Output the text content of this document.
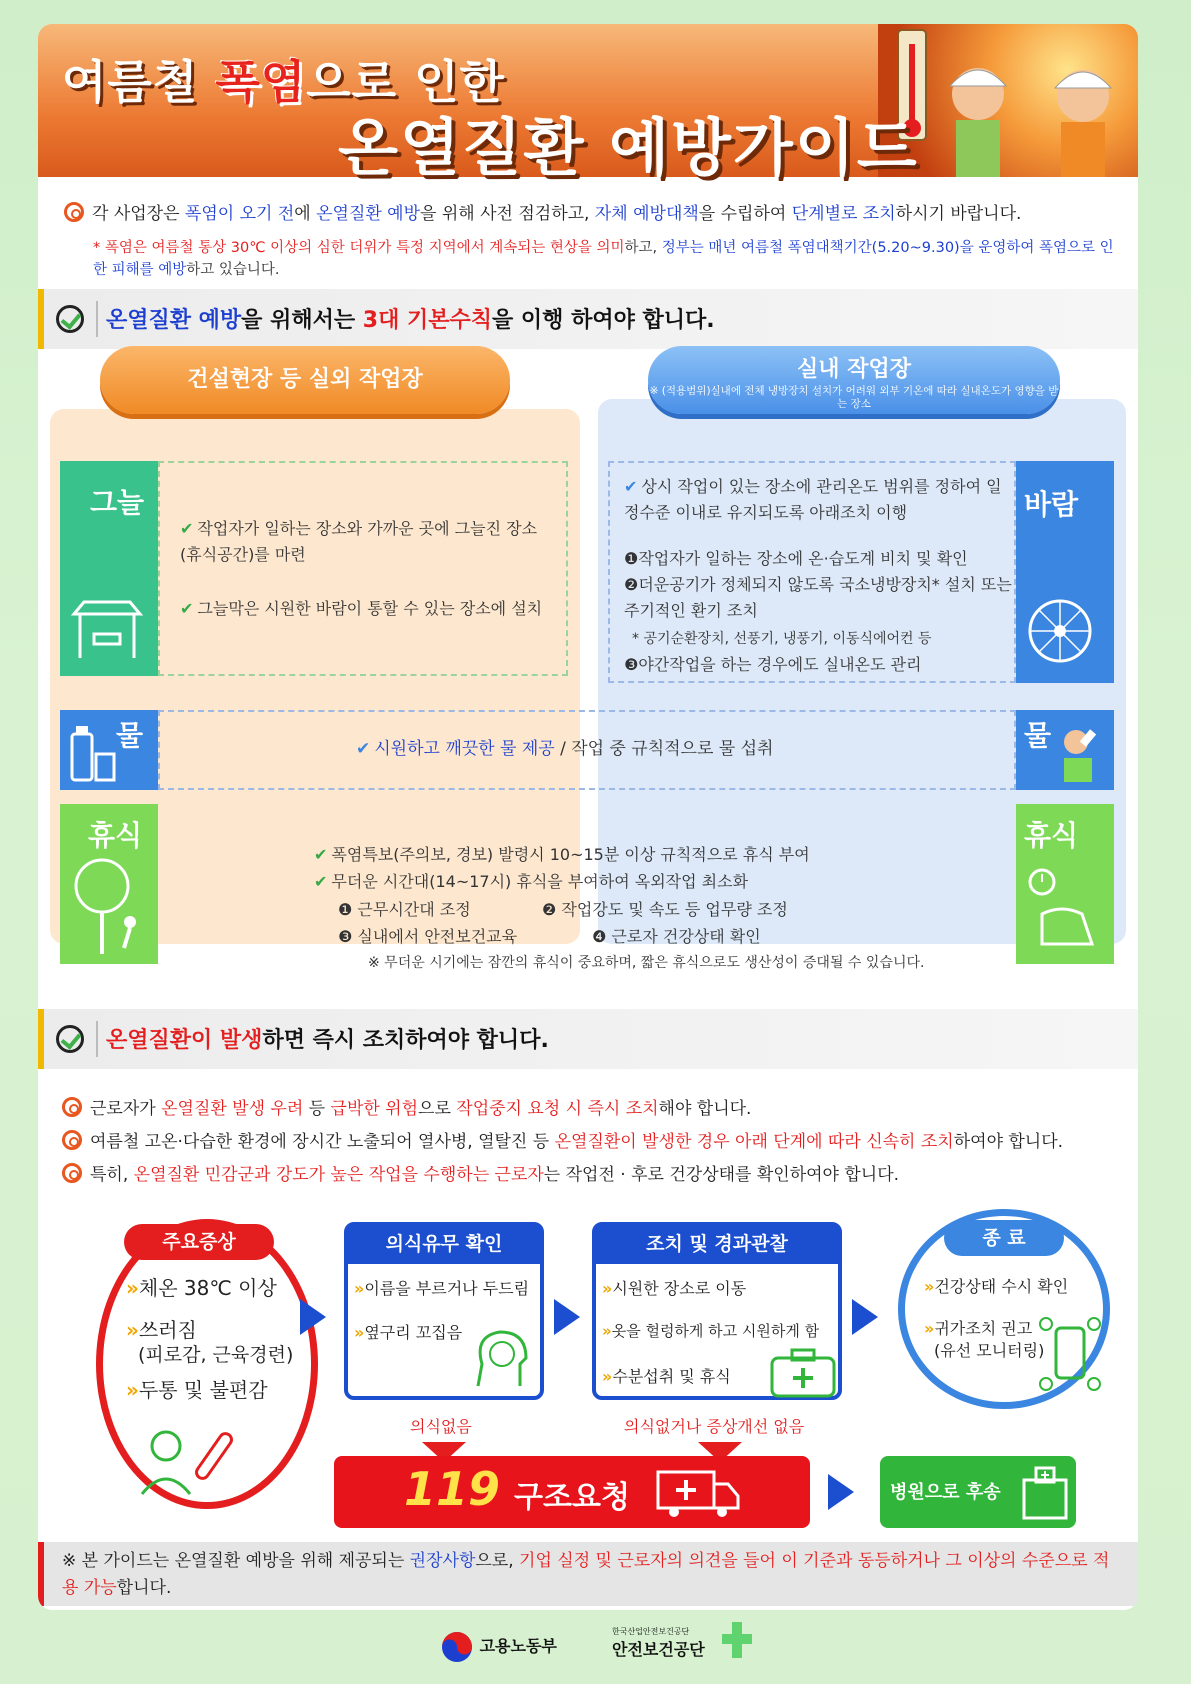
여름철 폭염으로 인한
온열질환 예방가이드
각 사업장은 폭염이 오기 전에 온열질환 예방을 위해 사전 점검하고, 자체 예방대책을 수립하여 단계별로 조치하시기 바랍니다.
* 폭염은 여름철 통상 30℃ 이상의 심한 더위가 특정 지역에서 계속되는 현상을 의미하고, 정부는 매년 여름철 폭염대책기간(5.20~9.30)을 운영하여 폭염으로 인한 피해를 예방하고 있습니다.
온열질환 예방을 위해서는 3대 기본수칙을 이행 하여야 합니다.
건설현장 등 실외 작업장	실내 작업장
※ (적용범위)실내에 전체 냉방장치 설치가 어려워 외부 기온에 따라 실내온도가 영향을 받는 장소
그늘
✔ 작업자가 일하는 장소와 가까운 곳에 그늘진 장소(휴식공간)를 마련
✔ 그늘막은 시원한 바람이 통할 수 있는 장소에 설치
바람
✔ 상시 작업이 있는 장소에 관리온도 범위를 정하여 일정수준 이내로 유지되도록 아래조치 이행
❶작업자가 일하는 장소에 온·습도계 비치 및 확인
❷더운공기가 정체되지 않도록 국소냉방장치* 설치 또는 주기적인 환기 조치
* 공기순환장치, 선풍기, 냉풍기, 이동식에어컨 등
❸야간작업을 하는 경우에도 실내온도 관리
물	물
✔ 시원하고 깨끗한 물 제공 / 작업 중 규칙적으로 물 섭취
휴식	휴식
✔ 폭염특보(주의보, 경보) 발령시 10~15분 이상 규칙적으로 휴식 부여
✔ 무더운 시간대(14~17시) 휴식을 부여하여 옥외작업 최소화
❶ 근무시간대 조정	❷ 작업강도 및 속도 등 업무량 조정
❸ 실내에서 안전보건교육	❹ 근로자 건강상태 확인
※ 무더운 시기에는 잠깐의 휴식이 중요하며, 짧은 휴식으로도 생산성이 증대될 수 있습니다.
온열질환이 발생하면 즉시 조치하여야 합니다.
근로자가 온열질환 발생 우려 등 급박한 위험으로 작업중지 요청 시 즉시 조치해야 합니다.
여름철 고온·다습한 환경에 장시간 노출되어 열사병, 열탈진 등 온열질환이 발생한 경우 아래 단계에 따라 신속히 조치하여야 합니다.
특히, 온열질환 민감군과 강도가 높은 작업을 수행하는 근로자는 작업전 · 후로 건강상태를 확인하여야 합니다.
주요증상
»체온 38℃ 이상
»쓰러짐
(피로감, 근육경련)
»두통 및 불편감
의식유무 확인
»이름을 부르거나 두드림
»옆구리 꼬집음
조치 및 경과관찰
»시원한 장소로 이동
»옷을 헐렁하게 하고 시원하게 함
»수분섭취 및 휴식
종 료
»건강상태 수시 확인
»귀가조치 권고
(유선 모니터링)
의식없음	의식없거나 증상개선 없음
119 구조요청	병원으로 후송
※ 본 가이드는 온열질환 예방을 위해 제공되는 권장사항으로, 기업 실정 및 근로자의 의견을 들어 이 기준과 동등하거나 그 이상의 수준으로 적용 가능합니다.
고용노동부
한국산업안전보건공단
안전보건공단
